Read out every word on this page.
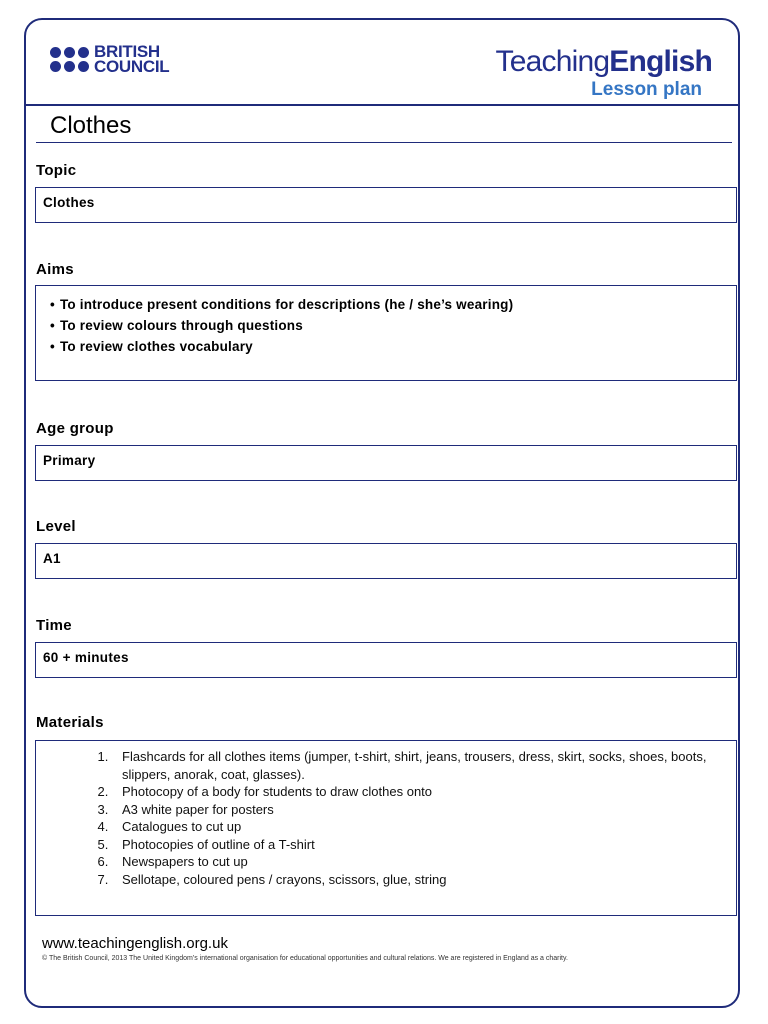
BRITISH
COUNCIL	TeachingEnglish
Lesson plan
Clothes
Topic
Clothes
Aims
• To introduce present conditions for descriptions (he / she’s wearing)
• To review colours through questions
• To review clothes vocabulary
Age group
Primary
Level
A1
Time
60 + minutes
Materials
1. Flashcards for all clothes items (jumper, t-shirt, shirt, jeans, trousers, dress, skirt, socks, shoes, boots, slippers, anorak, coat, glasses).
2. Photocopy of a body for students to draw clothes onto
3. A3 white paper for posters
4. Catalogues to cut up
5. Photocopies of outline of a T-shirt
6. Newspapers to cut up
7. Sellotape, coloured pens / crayons, scissors, glue, string
www.teachingenglish.org.uk
© The British Council, 2013 The United Kingdom’s international organisation for educational opportunities and cultural relations. We are registered in England as a charity.
